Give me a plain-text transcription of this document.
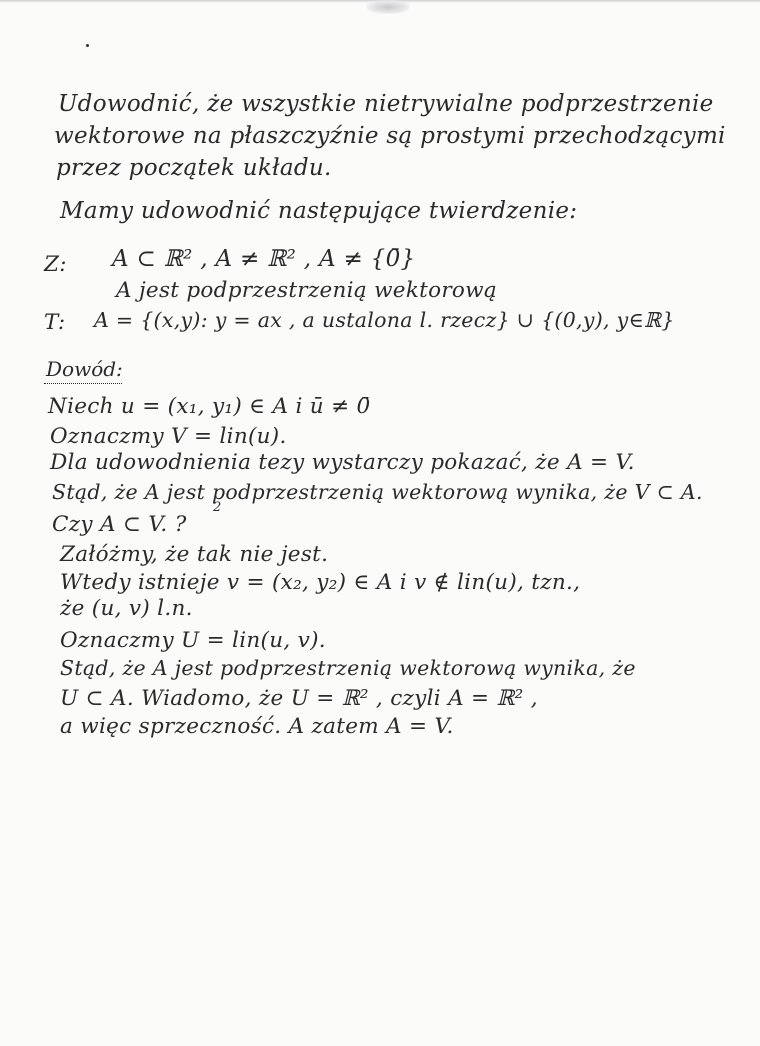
Udowodnić, że wszystkie nietrywialne podprzestrzenie
wektorowe na płaszczyźnie są prostymi przechodzącymi
przez początek układu.
Mamy udowodnić następujące twierdzenie:
Z: A ⊂ ℝ² , A ≠ ℝ² , A ≠ {0̄}
A jest podprzestrzenią wektorową
T: A = {(x,y): y = ax , a ustalona l. rzecz} ∪ {(0,y), y∈ℝ}
Dowód:
Niech u = (x₁, y₁) ∈ A i ū ≠ 0̄
Oznaczmy V = lin(u).
Dla udowodnienia tezy wystarczy pokazać, że A = V.
Stąd, że A jest podprzestrzenią wektorową wynika, że V ⊂ A.
Czy A ⊂ V. ?
2
Załóżmy, że tak nie jest.
Wtedy istnieje v = (x₂, y₂) ∈ A i v ∉ lin(u), tzn.,
że (u, v) l.n.
Oznaczmy U = lin(u, v).
Stąd, że A jest podprzestrzenią wektorową wynika, że
U ⊂ A. Wiadomo, że U = ℝ² , czyli A = ℝ² ,
a więc sprzeczność. A zatem A = V.
